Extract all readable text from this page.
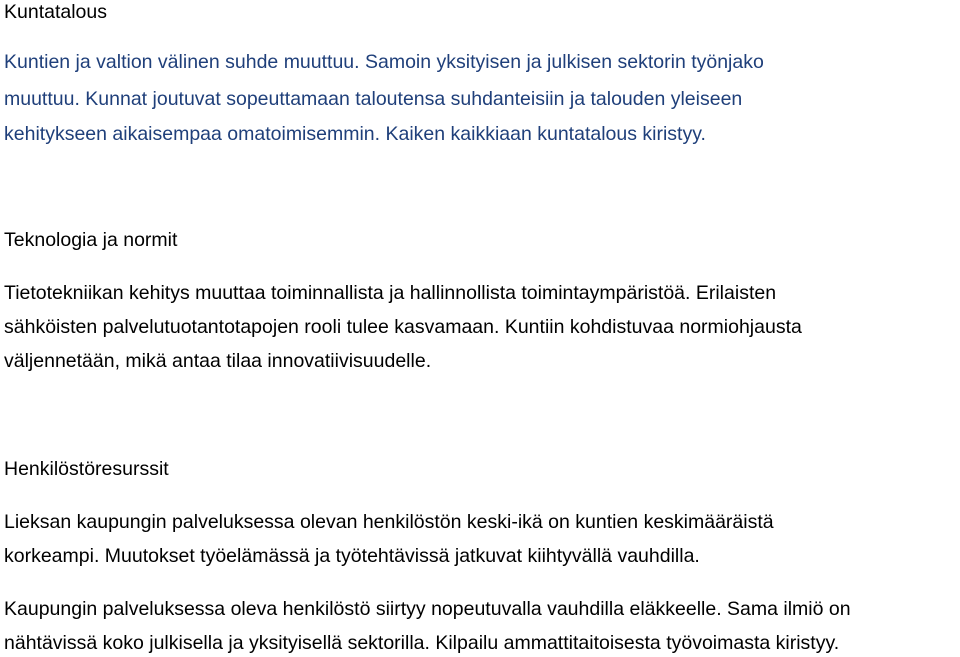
Kuntatalous

Kuntien ja valtion välinen suhde muuttuu. Samoin yksityisen ja julkisen sektorin työnjako

muuttuu. Kunnat joutuvat sopeuttamaan taloutensa suhdanteisiin ja talouden yleiseen

kehitykseen aikaisempaa omatoimisemmin. Kaiken kaikkiaan kuntatalous kiristyy.

Teknologia ja normit

Tietotekniikan kehitys muuttaa toiminnallista ja hallinnollista toimintaympäristöä. Erilaisten

sähköisten palvelutuotantotapojen rooli tulee kasvamaan. Kuntiin kohdistuvaa normiohjausta

väljennetään, mikä antaa tilaa innovatiivisuudelle.

Henkilöstöresurssit

Lieksan kaupungin palveluksessa olevan henkilöstön keski-ikä on kuntien keskimääräistä

korkeampi. Muutokset työelämässä ja työtehtävissä jatkuvat kiihtyvällä vauhdilla.

Kaupungin palveluksessa oleva henkilöstö siirtyy nopeutuvalla vauhdilla eläkkeelle. Sama ilmiö on

nähtävissä koko julkisella ja yksityisellä sektorilla. Kilpailu ammattitaitoisesta työvoimasta kiristyy.
